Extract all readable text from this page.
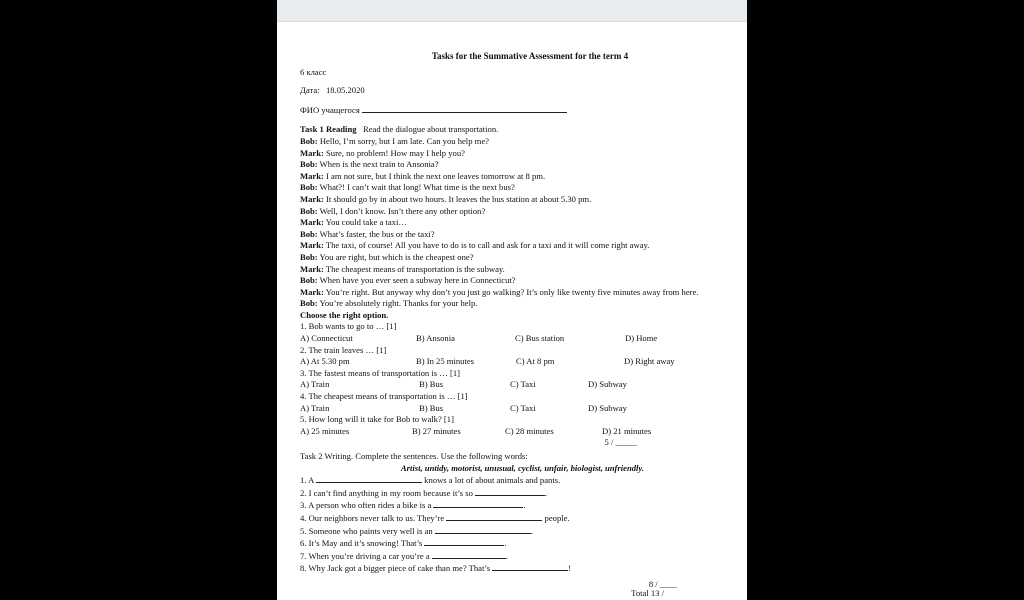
Tasks for the Summative Assessment for the term 4
6 класс
Дата: 18.05.2020
ФИО учащегося
Task 1 Reading Read the dialogue about transportation.
Bob: Hello, I’m sorry, but I am late. Can you help me?
Mark: Sure, no problem! How may I help you?
Bob: When is the next train to Ansonia?
Mark: I am not sure, but I think the next one leaves tomorrow at 8 pm.
Bob: What?! I can’t wait that long! What time is the next bus?
Mark: It should go by in about two hours. It leaves the bus station at about 5.30 pm.
Bob: Well, I don’t know. Isn’t there any other option?
Mark: You could take a taxi…
Bob: What’s faster, the bus or the taxi?
Mark: The taxi, of course! All you have to do is to call and ask for a taxi and it will come right away.
Bob: You are right, but which is the cheapest one?
Mark: The cheapest means of transportation is the subway.
Bob: When have you ever seen a subway here in Connecticut?
Mark: You’re right. But anyway why don’t you just go walking? It’s only like twenty five minutes away from here.
Bob: You’re absolutely right. Thanks for your help.
Choose the right option.
1. Bob wants to go to … [1]
A) Connecticut	B) Ansonia	C) Bus station	D) Home
2. The train leaves … [1]
A) At 5.30 pm	B) In 25 minutes	C) At 8 pm	D) Right away
3. The fastest means of transportation is … [1]
A) Train	B) Bus	C) Taxi	D) Subway
4. The cheapest means of transportation is … [1]
A) Train	B) Bus	C) Taxi	D) Subway
5. How long will it take for Bob to walk? [1]
A) 25 minutes	B) 27 minutes	C) 28 minutes	D) 21 minutes
5 / _____
Task 2 Writing. Complete the sentences. Use the following words:
Artist, untidy, motorist, unusual, cyclist, unfair, biologist, unfriendly.
1. A	knows a lot of about animals and pants.
2. I can’t find anything in my room because it’s so	.
3. A person who often rides a bike is a	.
4. Our neighbors never talk to us. They’re	people.
5. Someone who paints very well is an	.
6. It’s May and it’s snowing! That’s	.
7. When you’re driving a car you’re a	.
8. Why Jack got a bigger piece of cake than me? That’s	!
8 / ____
Total 13 /
